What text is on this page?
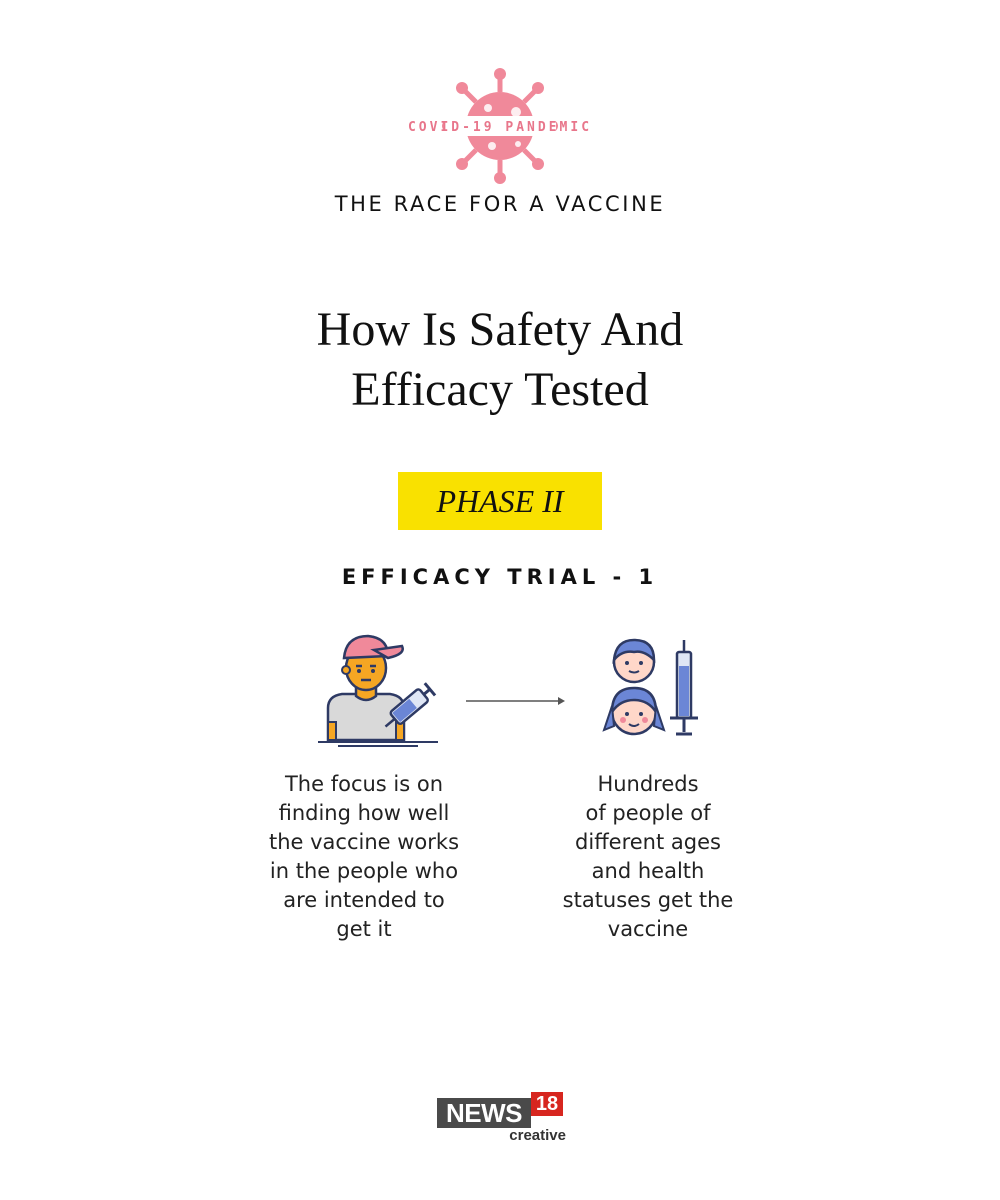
COVID-19 PANDEMIC
THE RACE FOR A VACCINE
How Is Safety And
Efficacy Tested
PHASE II
EFFICACY TRIAL - 1
The focus is on
finding how well
the vaccine works
in the people who
are intended to
get it
Hundreds
of people of
different ages
and health
statuses get the
vaccine
NEWS 18
creative
